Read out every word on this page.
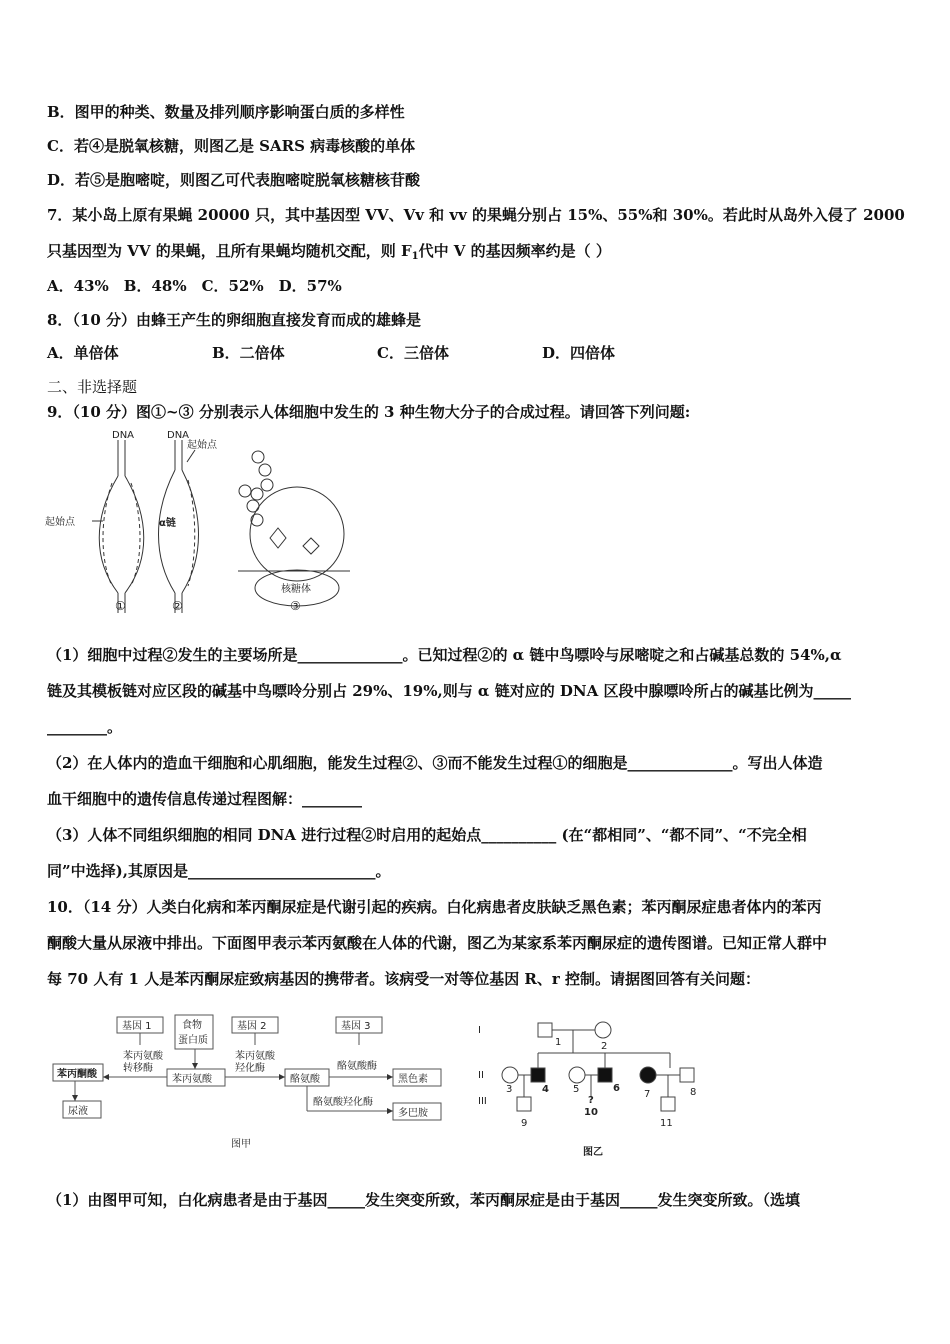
B．图甲的种类、数量及排列顺序影响蛋白质的多样性
C．若④是脱氧核糖，则图乙是 SARS 病毒核酸的单体
D．若⑤是胞嘧啶，则图乙可代表胞嘧啶脱氧核糖核苷酸
7．某小岛上原有果蝇 20000 只，其中基因型 VV、Vv 和 vv 的果蝇分别占 15%、55%和 30%。若此时从岛外入侵了 2000
只基因型为 VV 的果蝇，且所有果蝇均随机交配，则 $F_1$代中 V 的基因频率约是（ ）
A．43%　B．48%　C．52%　D．57%
8．（10 分）由蜂王产生的卵细胞直接发育而成的雄蜂是
A．单倍体	B．二倍体	C．三倍体	D．四倍体
二、非选择题
9．（10 分）图①~③ 分别表示人体细胞中发生的 3 种生物大分子的合成过程。请回答下列问题:
DNA	DNA
起始点
起始点	α链
核糖体
①	②	③
（1）细胞中过程②发生的主要场所是______________。已知过程②的 α 链中鸟嘌呤与尿嘧啶之和占碱基总数的 54%,α
链及其模板链对应区段的碱基中鸟嘌呤分别占 29%、19%,则与 α 链对应的 DNA 区段中腺嘌呤所占的碱基比例为_____
________。
（2）在人体内的造血干细胞和心肌细胞，能发生过程②、③而不能发生过程①的细胞是______________。写出人体造
血干细胞中的遗传信息传递过程图解：________
（3）人体不同组织细胞的相同 DNA 进行过程②时启用的起始点__________ (在“都相同”、“都不同”、“不完全相
同”中选择),其原因是_________________________。
10．（14 分）人类白化病和苯丙酮尿症是代谢引起的疾病。白化病患者皮肤缺乏黑色素；苯丙酮尿症患者体内的苯丙
酮酸大量从尿液中排出。下面图甲表示苯丙氨酸在人体的代谢，图乙为某家系苯丙酮尿症的遗传图谱。已知正常人群中
每 70 人有 1 人是苯丙酮尿症致病基因的携带者。该病受一对等位基因 R、r 控制。请据图回答有关问题：
基因 1	食物
蛋白质
基因 2	基因 3
苯丙氨酸
转移酶
苯丙酮酸	苯丙氨酸
苯丙氨酸
羟化酶
酪氨酸
酪氨酸酶
黑色素
尿液
酪氨酸羟化酶
多巴胺
图甲
I
II
III
1	2
3	4 5	6
7	8
9
?
10
11
图乙
（1）由图甲可知，白化病患者是由于基因_____发生突变所致，苯丙酮尿症是由于基因_____发生突变所致。（选填
